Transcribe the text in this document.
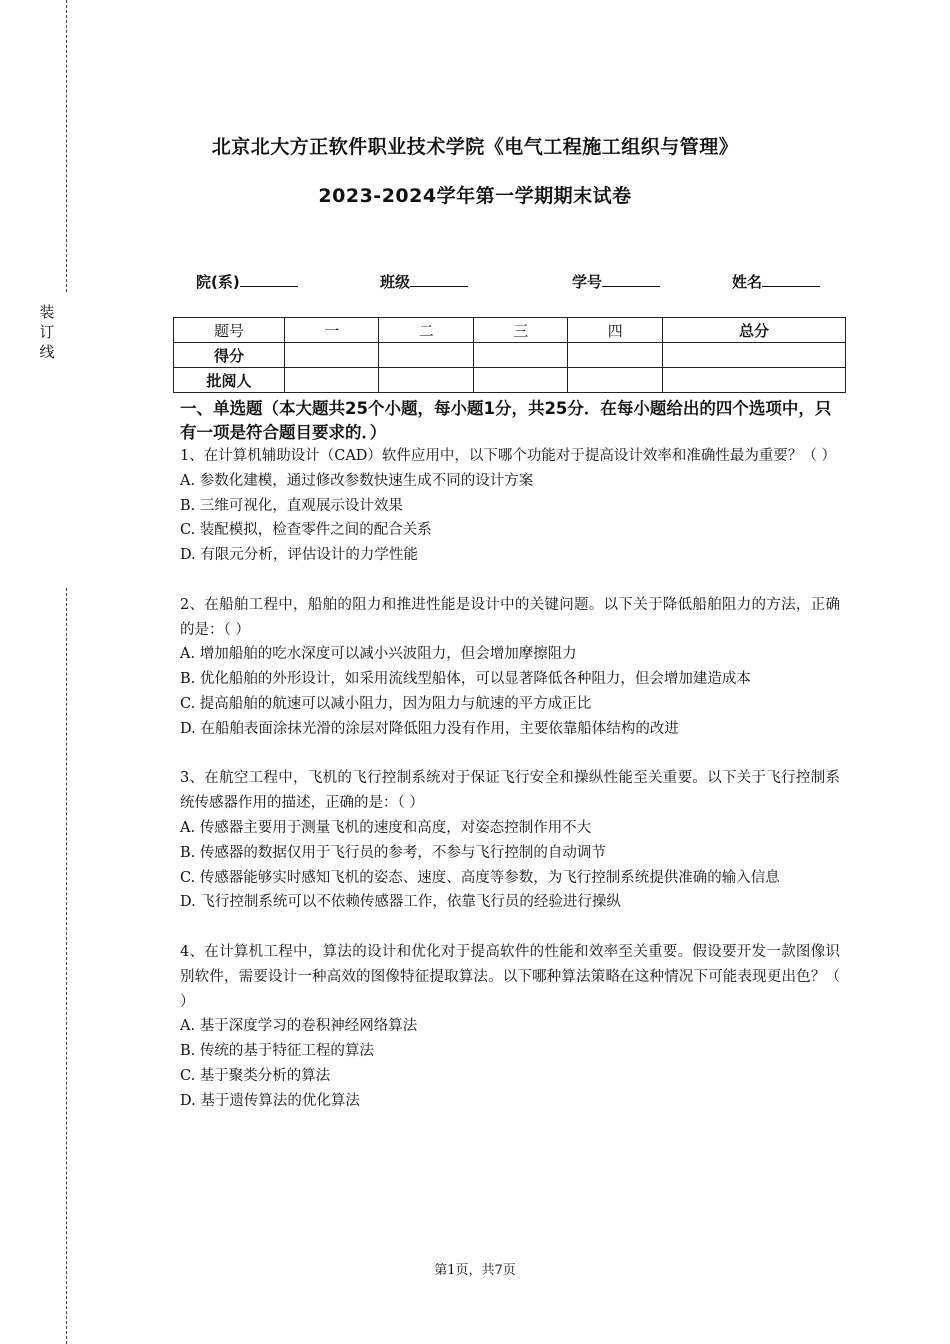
装
订
线
北京北大方正软件职业技术学院《电气工程施工组织与管理》
2023-2024学年第一学期期末试卷
院(系)	班级	学号	姓名
题号	一	二	三	四	总分
得分					
批阅人					
一、单选题（本大题共25个小题，每小题1分，共25分．在每小题给出的四个选项中，只有一项是符合题目要求的．）

1、在计算机辅助设计（CAD）软件应用中，以下哪个功能对于提高设计效率和准确性最为重要？（ ）

A. 参数化建模，通过修改参数快速生成不同的设计方案

B. 三维可视化，直观展示设计效果

C. 装配模拟，检查零件之间的配合关系

D. 有限元分析，评估设计的力学性能

2、在船舶工程中，船舶的阻力和推进性能是设计中的关键问题。以下关于降低船舶阻力的方法，正确的是：（ ）

A. 增加船舶的吃水深度可以减小兴波阻力，但会增加摩擦阻力

B. 优化船舶的外形设计，如采用流线型船体，可以显著降低各种阻力，但会增加建造成本

C. 提高船舶的航速可以减小阻力，因为阻力与航速的平方成正比

D. 在船舶表面涂抹光滑的涂层对降低阻力没有作用，主要依靠船体结构的改进

3、在航空工程中，飞机的飞行控制系统对于保证飞行安全和操纵性能至关重要。以下关于飞行控制系统传感器作用的描述，正确的是：（ ）

A. 传感器主要用于测量飞机的速度和高度，对姿态控制作用不大

B. 传感器的数据仅用于飞行员的参考，不参与飞行控制的自动调节

C. 传感器能够实时感知飞机的姿态、速度、高度等参数，为飞行控制系统提供准确的输入信息

D. 飞行控制系统可以不依赖传感器工作，依靠飞行员的经验进行操纵

4、在计算机工程中，算法的设计和优化对于提高软件的性能和效率至关重要。假设要开发一款图像识别软件，需要设计一种高效的图像特征提取算法。以下哪种算法策略在这种情况下可能表现更出色？（ ）

A. 基于深度学习的卷积神经网络算法

B. 传统的基于特征工程的算法

C. 基于聚类分析的算法

D. 基于遗传算法的优化算法

第1页，共7页
